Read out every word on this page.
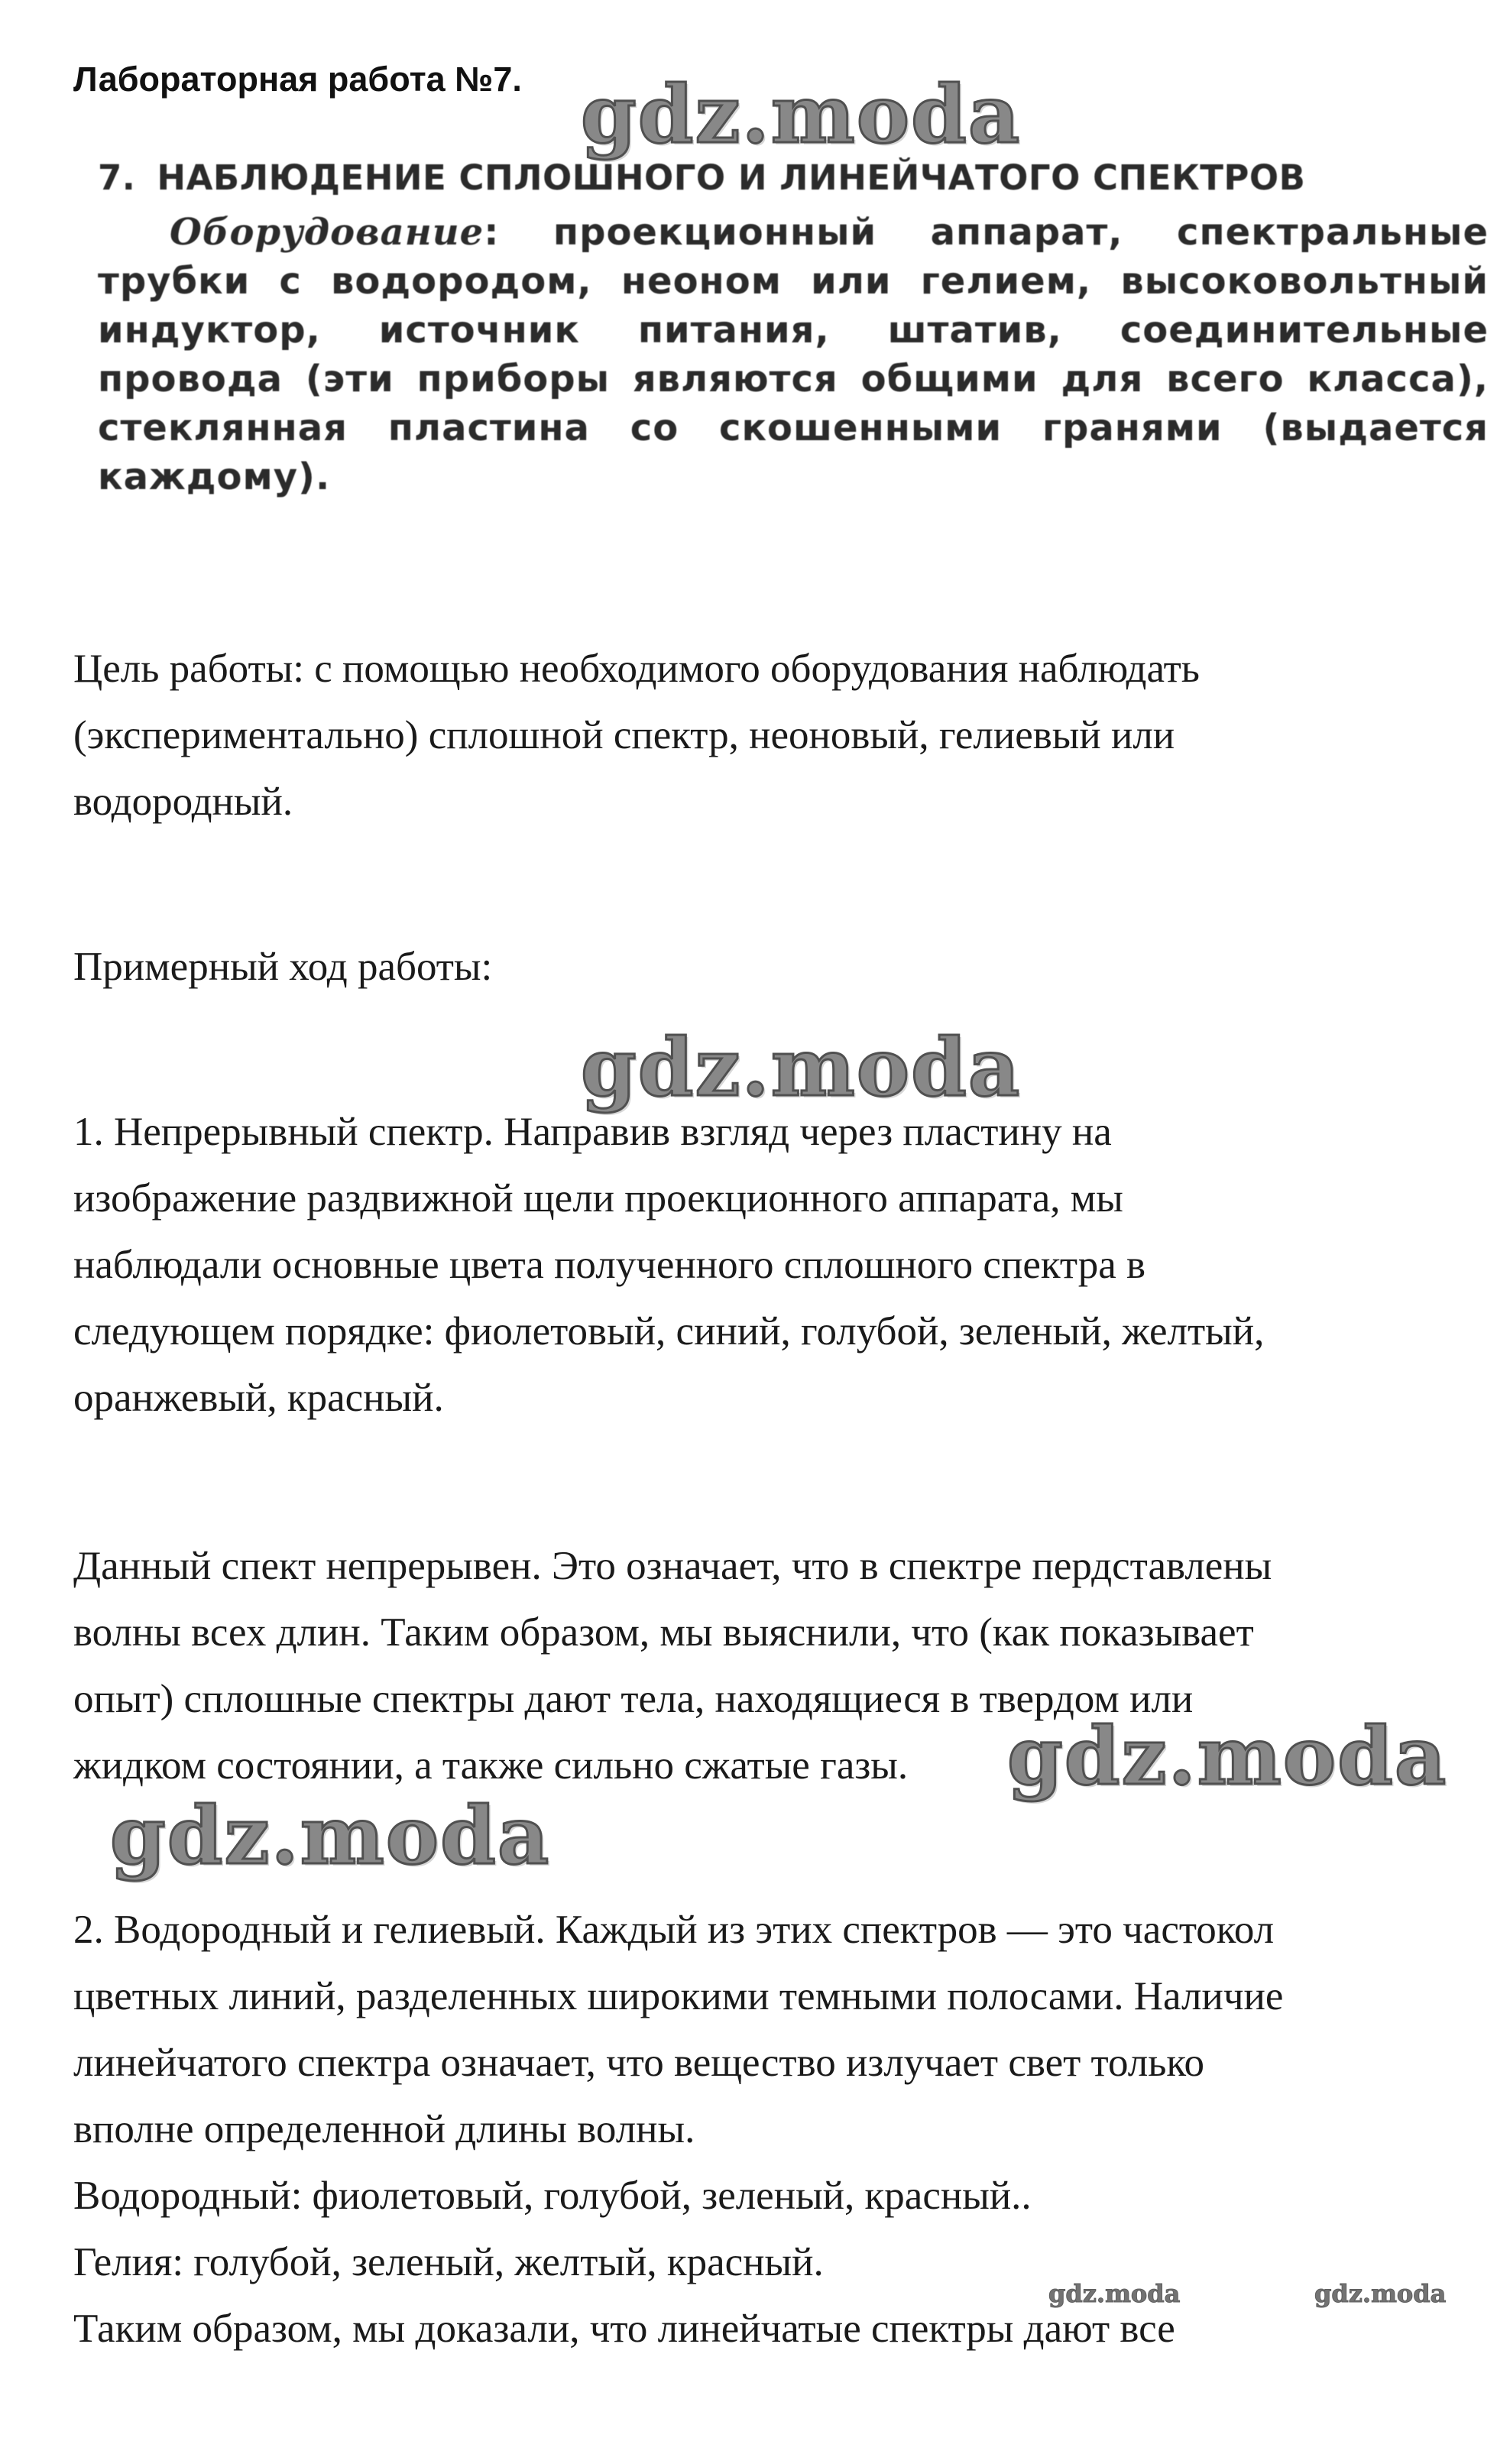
Лабораторная работа №7.
7. НАБЛЮДЕНИЕ СПЛОШНОГО И ЛИНЕЙЧАТОГО СПЕКТРОВ
Оборудование: проекционный аппарат, спектральные трубки с водородом, неоном или гелием, высоковольтный индуктор, источник питания, штатив, соединительные провода (эти приборы являются общими для всего класса), стеклянная пластина со скошенными гранями (выдается каждому).
Цель работы: с помощью необходимого оборудования наблюдать
(экспериментально) сплошной спектр, неоновый, гелиевый или
водородный.
Примерный ход работы:
1. Непрерывный спектр. Направив взгляд через пластину на
изображение раздвижной щели проекционного аппарата, мы
наблюдали основные цвета полученного сплошного спектра в
следующем порядке: фиолетовый, синий, голубой, зеленый, желтый,
оранжевый, красный.
Данный спект непрерывен. Это означает, что в спектре пердставлены
волны всех длин. Таким образом, мы выяснили, что (как показывает
опыт) сплошные спектры дают тела, находящиеся в твердом или
жидком состоянии, а также сильно сжатые газы.
2. Водородный и гелиевый. Каждый из этих спектров — это частокол
цветных линий, разделенных широкими темными полосами. Наличие
линейчатого спектра означает, что вещество излучает свет только
вполне определенной длины волны.
Водородный: фиолетовый, голубой, зеленый, красный..
Гелия: голубой, зеленый, желтый, красный.
Таким образом, мы доказали, что линейчатые спектры дают все
gdz.moda
gdz.moda
gdz.moda
gdz.moda
gdz.moda	gdz.moda
